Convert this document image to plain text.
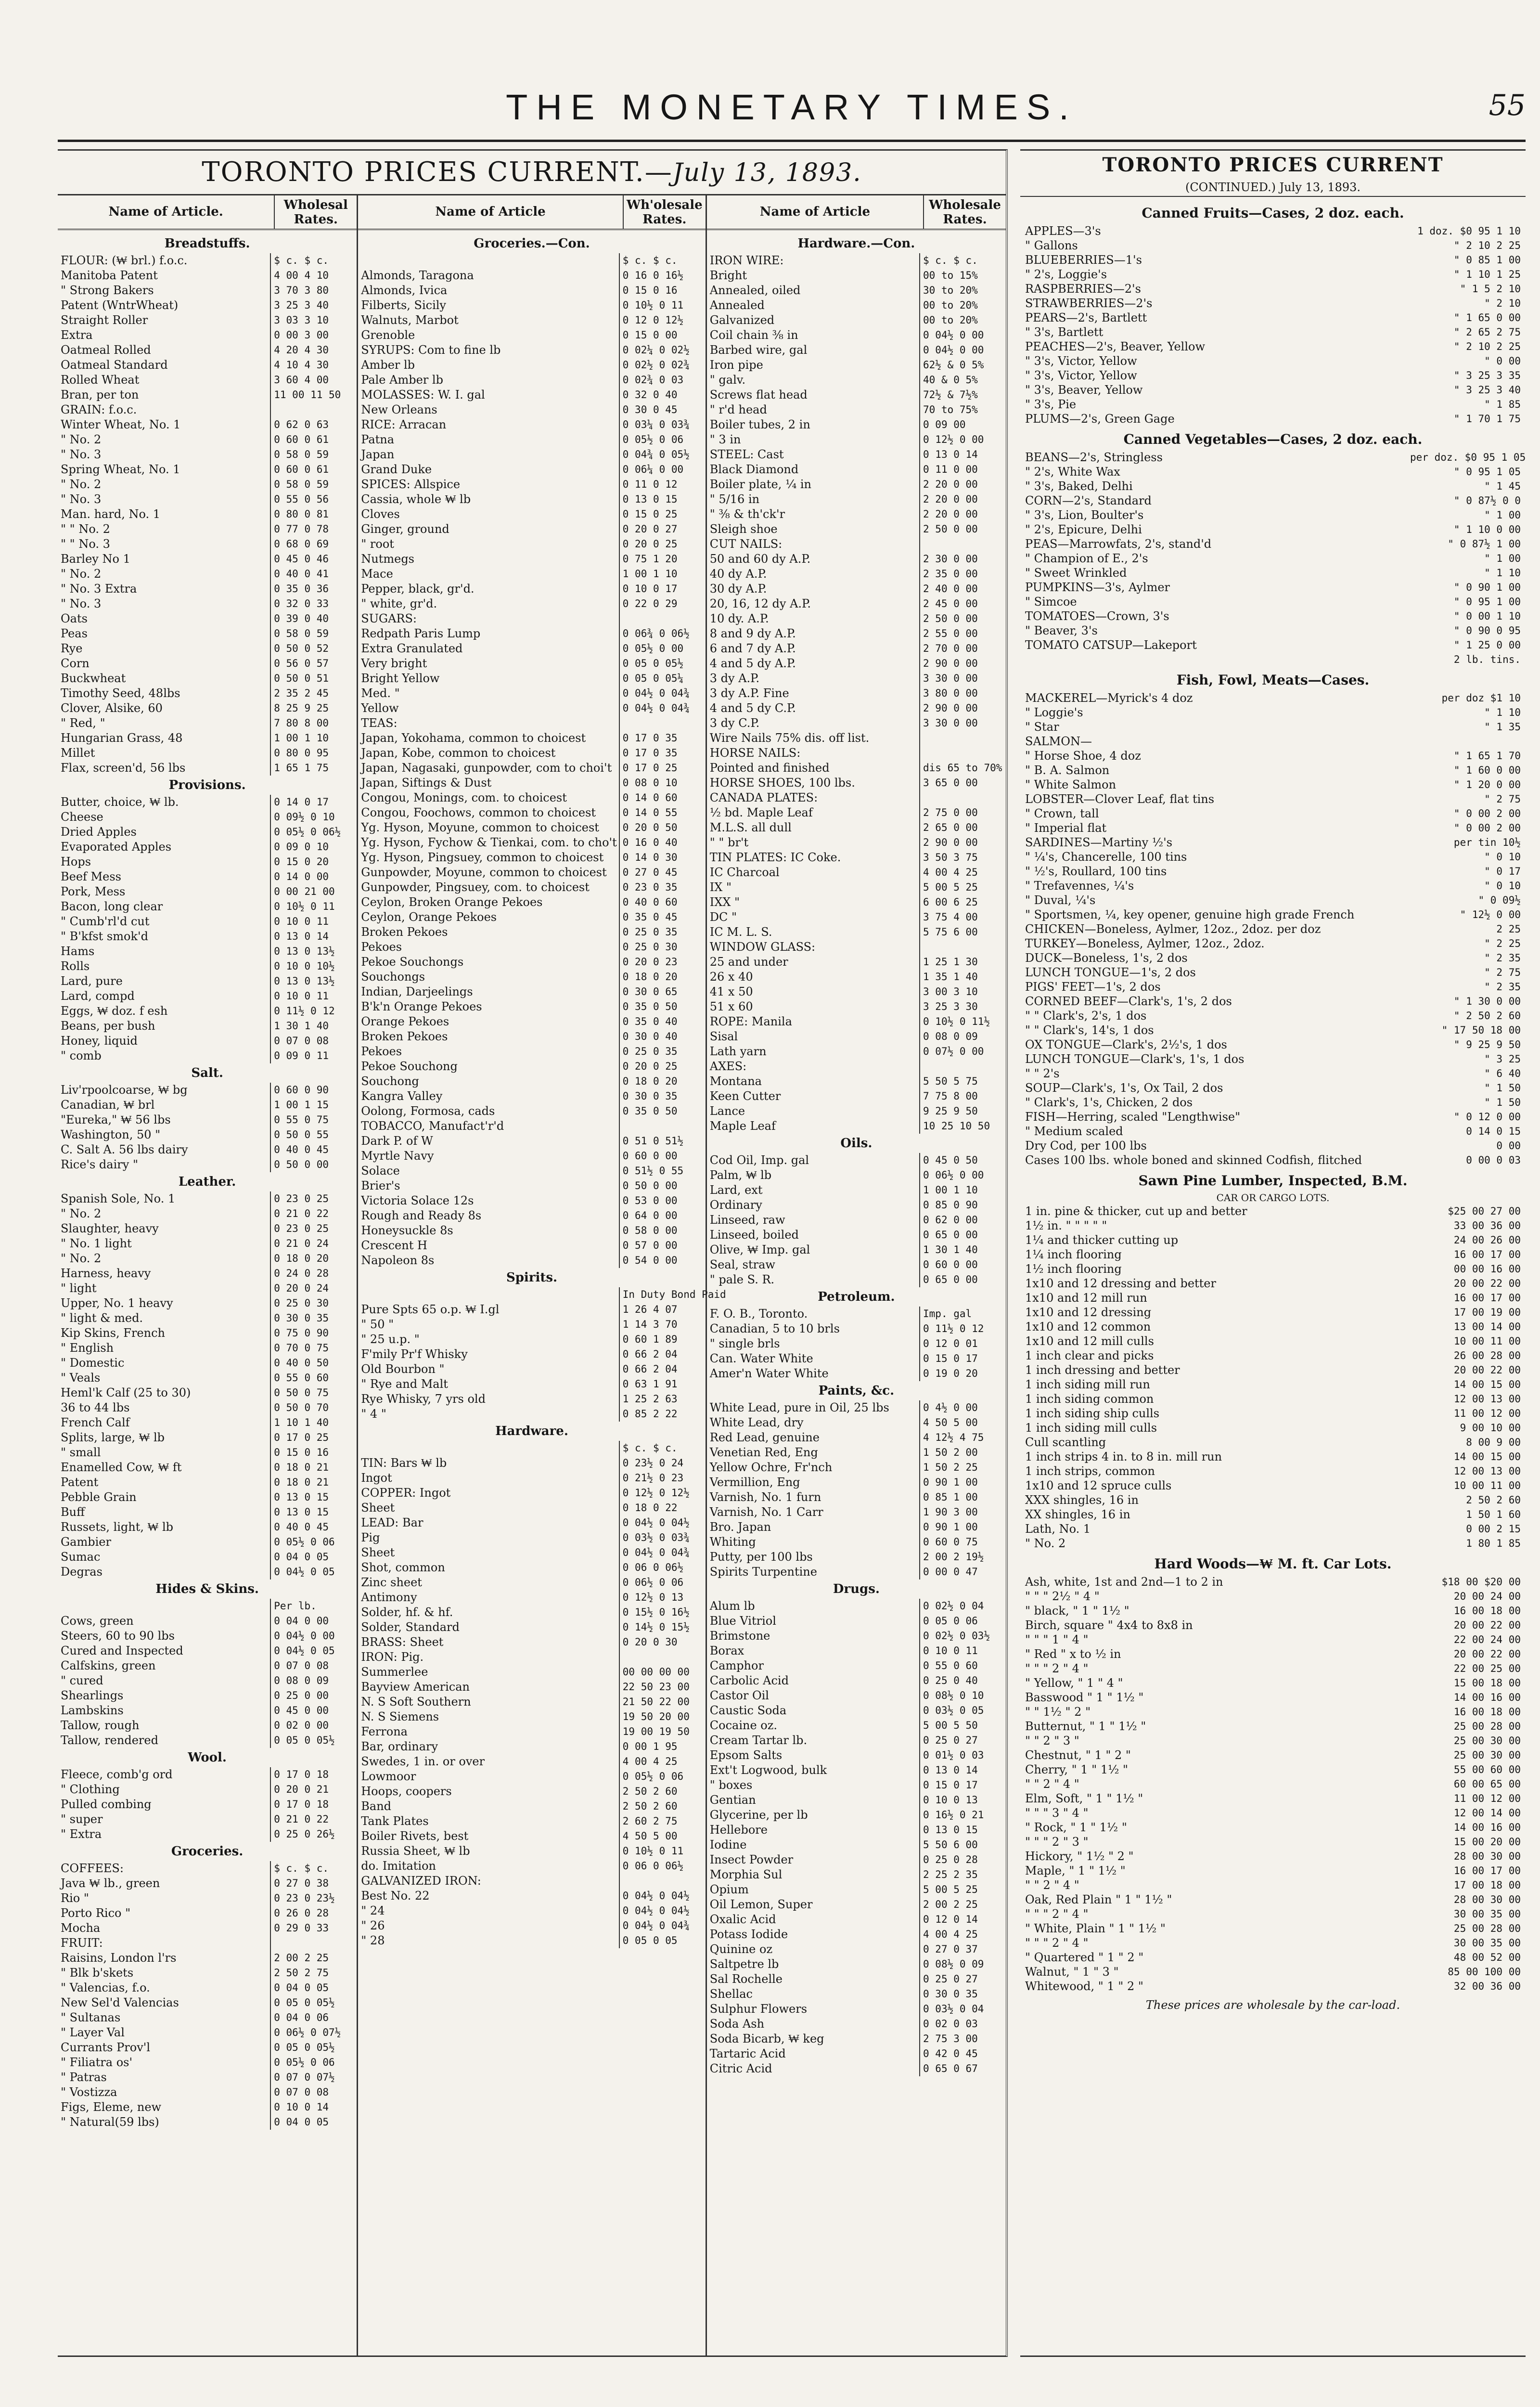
THE MONETARY TIMES.	55
TORONTO PRICES CURRENT.—July 13, 1893.
Name of Article.	Wholesal Rates.
Breadstuffs.
FLOUR: (₩ brl.) f.o.c.	$ c. $ c.
Manitoba Patent	4 00 4 10
" Strong Bakers	3 70 3 80
Patent (WntrWheat)	3 25 3 40
Straight Roller	3 03 3 10
Extra	0 00 3 00
Oatmeal Rolled	4 20 4 30
Oatmeal Standard	4 10 4 30
Rolled Wheat	3 60 4 00
Bran, per ton	11 00 11 50
GRAIN: f.o.c.
Winter Wheat, No. 1	0 62 0 63
" No. 2	0 60 0 61
" No. 3	0 58 0 59
Spring Wheat, No. 1	0 60 0 61
" No. 2	0 58 0 59
" No. 3	0 55 0 56
Man. hard, No. 1	0 80 0 81
" " No. 2	0 77 0 78
" " No. 3	0 68 0 69
Barley No 1	0 45 0 46
" No. 2	0 40 0 41
" No. 3 Extra	0 35 0 36
" No. 3	0 32 0 33
Oats	0 39 0 40
Peas	0 58 0 59
Rye	0 50 0 52
Corn	0 56 0 57
Buckwheat	0 50 0 51
Timothy Seed, 48lbs	2 35 2 45
Clover, Alsike, 60	8 25 9 25
" Red, "	7 80 8 00
Hungarian Grass, 48	1 00 1 10
Millet	0 80 0 95
Flax, screen'd, 56 lbs	1 65 1 75
Provisions.
Butter, choice, ₩ lb.	0 14 0 17
Cheese	0 09½ 0 10
Dried Apples	0 05½ 0 06½
Evaporated Apples	0 09 0 10
Hops	0 15 0 20
Beef Mess	0 14 0 00
Pork, Mess	0 00 21 00
Bacon, long clear	0 10½ 0 11
" Cumb'rl'd cut	0 10 0 11
" B'kfst smok'd	0 13 0 14
Hams	0 13 0 13½
Rolls	0 10 0 10½
Lard, pure	0 13 0 13½
Lard, compd	0 10 0 11
Eggs, ₩ doz. f esh	0 11½ 0 12
Beans, per bush	1 30 1 40
Honey, liquid	0 07 0 08
" comb	0 09 0 11
Salt.
Liv'rpoolcoarse, ₩ bg	0 60 0 90
Canadian, ₩ brl	1 00 1 15
"Eureka," ₩ 56 lbs	0 55 0 75
Washington, 50 "	0 50 0 55
C. Salt A. 56 lbs dairy	0 40 0 45
Rice's dairy "	0 50 0 00
Leather.
Spanish Sole, No. 1	0 23 0 25
" No. 2	0 21 0 22
Slaughter, heavy	0 23 0 25
" No. 1 light	0 21 0 24
" No. 2	0 18 0 20
Harness, heavy	0 24 0 28
" light	0 20 0 24
Upper, No. 1 heavy	0 25 0 30
" light & med.	0 30 0 35
Kip Skins, French	0 75 0 90
" English	0 70 0 75
" Domestic	0 40 0 50
" Veals	0 55 0 60
Heml'k Calf (25 to 30)	0 50 0 75
36 to 44 lbs	0 50 0 70
French Calf	1 10 1 40
Splits, large, ₩ lb	0 17 0 25
" small	0 15 0 16
Enamelled Cow, ₩ ft	0 18 0 21
Patent	0 18 0 21
Pebble Grain	0 13 0 15
Buff	0 13 0 15
Russets, light, ₩ lb	0 40 0 45
Gambier	0 05½ 0 06
Sumac	0 04 0 05
Degras	0 04½ 0 05
Hides & Skins.
Per lb.
Cows, green	0 04 0 00
Steers, 60 to 90 lbs	0 04½ 0 00
Cured and Inspected	0 04½ 0 05
Calfskins, green	0 07 0 08
" cured	0 08 0 09
Shearlings	0 25 0 00
Lambskins	0 45 0 00
Tallow, rough	0 02 0 00
Tallow, rendered	0 05 0 05½
Wool.
Fleece, comb'g ord	0 17 0 18
" Clothing	0 20 0 21
Pulled combing	0 17 0 18
" super	0 21 0 22
" Extra	0 25 0 26½
Groceries.
COFFEES:	$ c. $ c.
Java ₩ lb., green	0 27 0 38
Rio "	0 23 0 23½
Porto Rico "	0 26 0 28
Mocha	0 29 0 33
FRUIT:
Raisins, London l'rs	2 00 2 25
" Blk b'skets	2 50 2 75
" Valencias, f.o.	0 04 0 05
New Sel'd Valencias	0 05 0 05½
" Sultanas	0 04 0 06
" Layer Val	0 06½ 0 07½
Currants Prov'l	0 05 0 05½
" Filiatra os'	0 05½ 0 06
" Patras	0 07 0 07½
" Vostizza	0 07 0 08
Figs, Eleme, new	0 10 0 14
" Natural(59 lbs)	0 04 0 05
Name of Article	Wh'olesale Rates.
Groceries.—Con.
$ c. $ c.
Almonds, Taragona	0 16 0 16½
Almonds, Ivica	0 15 0 16
Filberts, Sicily	0 10½ 0 11
Walnuts, Marbot	0 12 0 12½
Grenoble	0 15 0 00
SYRUPS: Com to fine lb	0 02¼ 0 02½
Amber lb	0 02½ 0 02¾
Pale Amber lb	0 02¾ 0 03
MOLASSES: W. I. gal	0 32 0 40
New Orleans	0 30 0 45
RICE: Arracan	0 03¼ 0 03¾
Patna	0 05½ 0 06
Japan	0 04¾ 0 05½
Grand Duke	0 06¼ 0 00
SPICES: Allspice	0 11 0 12
Cassia, whole ₩ lb	0 13 0 15
Cloves	0 15 0 25
Ginger, ground	0 20 0 27
" root	0 20 0 25
Nutmegs	0 75 1 20
Mace	1 00 1 10
Pepper, black, gr'd.	0 10 0 17
" white, gr'd.	0 22 0 29
SUGARS:
Redpath Paris Lump	0 06¾ 0 06½
Extra Granulated	0 05½ 0 00
Very bright	0 05 0 05½
Bright Yellow	0 05 0 05¼
Med. "	0 04½ 0 04¾
Yellow	0 04½ 0 04¾
TEAS:
Japan, Yokohama, common to choicest	0 17 0 35
Japan, Kobe, common to choicest	0 17 0 35
Japan, Nagasaki, gunpowder, com to choi't	0 17 0 25
Japan, Siftings & Dust	0 08 0 10
Congou, Monings, com. to choicest	0 14 0 60
Congou, Foochows, common to choicest	0 14 0 55
Yg. Hyson, Moyune, common to choicest	0 20 0 50
Yg. Hyson, Fychow & Tienkai, com. to cho't 0 16 0 40
Yg. Hyson, Pingsuey, common to choicest	0 14 0 30
Gunpowder, Moyune, common to choicest	0 27 0 45
Gunpowder, Pingsuey, com. to choicest	0 23 0 35
Ceylon, Broken Orange Pekoes	0 40 0 60
Ceylon, Orange Pekoes	0 35 0 45
Broken Pekoes	0 25 0 35
Pekoes	0 25 0 30
Pekoe Souchongs	0 20 0 23
Souchongs	0 18 0 20
Indian, Darjeelings	0 30 0 65
B'k'n Orange Pekoes	0 35 0 50
Orange Pekoes	0 35 0 40
Broken Pekoes	0 30 0 40
Pekoes	0 25 0 35
Pekoe Souchong	0 20 0 25
Souchong	0 18 0 20
Kangra Valley	0 30 0 35
Oolong, Formosa, cads	0 35 0 50
TOBACCO, Manufact'r'd
Dark P. of W	0 51 0 51½
Myrtle Navy	0 60 0 00
Solace	0 51½ 0 55
Brier's	0 50 0 00
Victoria Solace 12s	0 53 0 00
Rough and Ready 8s	0 64 0 00
Honeysuckle 8s	0 58 0 00
Crescent H	0 57 0 00
Napoleon 8s	0 54 0 00
Spirits.
In Duty Bond Paid
Pure Spts 65 o.p. ₩ I.gl	1 26 4 07
" 50 "	1 14 3 70
" 25 u.p. "	0 60 1 89
F'mily Pr'f Whisky	0 66 2 04
Old Bourbon "	0 66 2 04
" Rye and Malt	0 63 1 91
Rye Whisky, 7 yrs old	1 25 2 63
" 4 "	0 85 2 22
Hardware.
$ c. $ c.
TIN: Bars ₩ lb	0 23½ 0 24
Ingot	0 21½ 0 23
COPPER: Ingot	0 12½ 0 12½
Sheet	0 18 0 22
LEAD: Bar	0 04½ 0 04½
Pig	0 03½ 0 03¾
Sheet	0 04½ 0 04¾
Shot, common	0 06 0 06½
Zinc sheet	0 06½ 0 06
Antimony	0 12½ 0 13
Solder, hf. & hf.	0 15½ 0 16½
Solder, Standard	0 14½ 0 15½
BRASS: Sheet	0 20 0 30
IRON: Pig.
Summerlee	00 00 00 00
Bayview American	22 50 23 00
N. S Soft Southern	21 50 22 00
N. S Siemens	19 50 20 00
Ferrona	19 00 19 50
Bar, ordinary	0 00 1 95
Swedes, 1 in. or over	4 00 4 25
Lowmoor	0 05½ 0 06
Hoops, coopers	2 50 2 60
Band	2 50 2 60
Tank Plates	2 60 2 75
Boiler Rivets, best	4 50 5 00
Russia Sheet, ₩ lb	0 10½ 0 11
do. Imitation	0 06 0 06½
GALVANIZED IRON:
Best No. 22	0 04½ 0 04½
" 24	0 04½ 0 04½
" 26	0 04½ 0 04¾
" 28	0 05 0 05
Name of Article	Wholesale Rates.
Hardware.—Con.
IRON WIRE:	$ c. $ c.
Bright	00 to 15%
Annealed, oiled	30 to 20%
Annealed	00 to 20%
Galvanized	00 to 20%
Coil chain ⅜ in	0 04½ 0 00
Barbed wire, gal	0 04½ 0 00
Iron pipe	62½ & 0 5%
" galv.	40 & 0 5%
Screws flat head	72½ & 7½%
" r'd head	70 to 75%
Boiler tubes, 2 in	0 09 00
" 3 in	0 12½ 0 00
STEEL: Cast	0 13 0 14
Black Diamond	0 11 0 00
Boiler plate, ¼ in	2 20 0 00
" 5/16 in	2 20 0 00
" ⅜ & th'ck'r	2 20 0 00
Sleigh shoe	2 50 0 00
CUT NAILS:
50 and 60 dy A.P.	2 30 0 00
40 dy A.P.	2 35 0 00
30 dy A.P.	2 40 0 00
20, 16, 12 dy A.P.	2 45 0 00
10 dy. A.P.	2 50 0 00
8 and 9 dy A.P.	2 55 0 00
6 and 7 dy A.P.	2 70 0 00
4 and 5 dy A.P.	2 90 0 00
3 dy A.P.	3 30 0 00
3 dy A.P. Fine	3 80 0 00
4 and 5 dy C.P.	2 90 0 00
3 dy C.P.	3 30 0 00
Wire Nails 75% dis. off list.
HORSE NAILS:
Pointed and finished	dis 65 to 70%
HORSE SHOES, 100 lbs.	3 65 0 00
CANADA PLATES:
½ bd. Maple Leaf	2 75 0 00
M.L.S. all dull	2 65 0 00
" " br't	2 90 0 00
TIN PLATES: IC Coke.	3 50 3 75
IC Charcoal	4 00 4 25
IX "	5 00 5 25
IXX "	6 00 6 25
DC "	3 75 4 00
IC M. L. S.	5 75 6 00
WINDOW GLASS:
25 and under	1 25 1 30
26 x 40	1 35 1 40
41 x 50	3 00 3 10
51 x 60	3 25 3 30
ROPE: Manila	0 10½ 0 11½
Sisal	0 08 0 09
Lath yarn	0 07½ 0 00
AXES:
Montana	5 50 5 75
Keen Cutter	7 75 8 00
Lance	9 25 9 50
Maple Leaf	10 25 10 50
Oils.
Cod Oil, Imp. gal	0 45 0 50
Palm, ₩ lb	0 06½ 0 00
Lard, ext	1 00 1 10
Ordinary	0 85 0 90
Linseed, raw	0 62 0 00
Linseed, boiled	0 65 0 00
Olive, ₩ Imp. gal	1 30 1 40
Seal, straw	0 60 0 00
" pale S. R.	0 65 0 00
Petroleum.
F. O. B., Toronto.	Imp. gal
Canadian, 5 to 10 brls	0 11½ 0 12
" single brls	0 12 0 01
Can. Water White	0 15 0 17
Amer'n Water White	0 19 0 20
Paints, &c.
White Lead, pure in Oil, 25 lbs	0 4½ 0 00
White Lead, dry	4 50 5 00
Red Lead, genuine	4 12½ 4 75
Venetian Red, Eng	1 50 2 00
Yellow Ochre, Fr'nch	1 50 2 25
Vermillion, Eng	0 90 1 00
Varnish, No. 1 furn	0 85 1 00
Varnish, No. 1 Carr	1 90 3 00
Bro. Japan	0 90 1 00
Whiting	0 60 0 75
Putty, per 100 lbs	2 00 2 19½
Spirits Turpentine	0 00 0 47
Drugs.
Alum lb	0 02½ 0 04
Blue Vitriol	0 05 0 06
Brimstone	0 02½ 0 03½
Borax	0 10 0 11
Camphor	0 55 0 60
Carbolic Acid	0 25 0 40
Castor Oil	0 08½ 0 10
Caustic Soda	0 03½ 0 05
Cocaine oz.	5 00 5 50
Cream Tartar lb.	0 25 0 27
Epsom Salts	0 01½ 0 03
Ext't Logwood, bulk	0 13 0 14
" boxes	0 15 0 17
Gentian	0 10 0 13
Glycerine, per lb	0 16½ 0 21
Hellebore	0 13 0 15
Iodine	5 50 6 00
Insect Powder	0 25 0 28
Morphia Sul	2 25 2 35
Opium	5 00 5 25
Oil Lemon, Super	2 00 2 25
Oxalic Acid	0 12 0 14
Potass Iodide	4 00 4 25
Quinine oz	0 27 0 37
Saltpetre lb	0 08½ 0 09
Sal Rochelle	0 25 0 27
Shellac	0 30 0 35
Sulphur Flowers	0 03½ 0 04
Soda Ash	0 02 0 03
Soda Bicarb, ₩ keg	2 75 3 00
Tartaric Acid	0 42 0 45
Citric Acid	0 65 0 67
TORONTO PRICES CURRENT
(CONTINUED.) July 13, 1893.
Canned Fruits—Cases, 2 doz. each.
APPLES—3's	1 doz. $0 95 1 10
" Gallons	" 2 10 2 25
BLUEBERRIES—1's	" 0 85 1 00
" 2's, Loggie's	" 1 10 1 25
RASPBERRIES—2's	" 1 5 2 10
STRAWBERRIES—2's	" 2 10
PEARS—2's, Bartlett	" 1 65 0 00
" 3's, Bartlett	" 2 65 2 75
PEACHES—2's, Beaver, Yellow	" 2 10 2 25
" 3's, Victor, Yellow	" 0 00
" 3's, Victor, Yellow	" 3 25 3 35
" 3's, Beaver, Yellow	" 3 25 3 40
" 3's, Pie	" 1 85
PLUMS—2's, Green Gage	" 1 70 1 75
Canned Vegetables—Cases, 2 doz. each.
BEANS—2's, Stringless	per doz. $0 95 1 05
" 2's, White Wax	" 0 95 1 05
" 3's, Baked, Delhi	" 1 45
CORN—2's, Standard	" 0 87½ 0 0
" 3's, Lion, Boulter's	" 1 00
" 2's, Epicure, Delhi	" 1 10 0 00
PEAS—Marrowfats, 2's, stand'd	" 0 87½ 1 00
" Champion of E., 2's	" 1 00
" Sweet Wrinkled	" 1 10
PUMPKINS—3's, Aylmer	" 0 90 1 00
" Simcoe	" 0 95 1 00
TOMATOES—Crown, 3's	" 0 00 1 10
" Beaver, 3's	" 0 90 0 95
TOMATO CATSUP—Lakeport	" 1 25 0 00
2 lb. tins.
Fish, Fowl, Meats—Cases.
MACKEREL—Myrick's 4 doz	per doz $1 10
" Loggie's	" 1 10
" Star	" 1 35
SALMON—
" Horse Shoe, 4 doz	" 1 65 1 70
" B. A. Salmon	" 1 60 0 00
" White Salmon	" 1 20 0 00
LOBSTER—Clover Leaf, flat tins	" 2 75
" Crown, tall	" 0 00 2 00
" Imperial flat	" 0 00 2 00
SARDINES—Martiny ½'s	per tin 10½
" ¼'s, Chancerelle, 100 tins	" 0 10
" ½'s, Roullard, 100 tins	" 0 17
" Trefavennes, ¼'s	" 0 10
" Duval, ¼'s	" 0 09½
" Sportsmen, ¼, key opener, genuine high grade French	" 12½ 0 00
CHICKEN—Boneless, Aylmer, 12oz., 2doz. per doz	2 25
TURKEY—Boneless, Aylmer, 12oz., 2doz.	" 2 25
DUCK—Boneless, 1's, 2 dos	" 2 35
LUNCH TONGUE—1's, 2 dos	" 2 75
PIGS' FEET—1's, 2 dos	" 2 35
CORNED BEEF—Clark's, 1's, 2 dos	" 1 30 0 00
" " Clark's, 2's, 1 dos	" 2 50 2 60
" " Clark's, 14's, 1 dos	" 17 50 18 00
OX TONGUE—Clark's, 2½'s, 1 dos	" 9 25 9 50
LUNCH TONGUE—Clark's, 1's, 1 dos	" 3 25
" " 2's	" 6 40
SOUP—Clark's, 1's, Ox Tail, 2 dos	" 1 50
" Clark's, 1's, Chicken, 2 dos	" 1 50
FISH—Herring, scaled "Lengthwise"	" 0 12 0 00
" Medium scaled	0 14 0 15
Dry Cod, per 100 lbs	0 00
Cases 100 lbs. whole boned and skinned Codfish, flitched	0 00 0 03
Sawn Pine Lumber, Inspected, B.M.
CAR OR CARGO LOTS.
1 in. pine & thicker, cut up and better	$25 00 27 00
1½ in. " " " " "	33 00 36 00
1¼ and thicker cutting up	24 00 26 00
1¼ inch flooring	16 00 17 00
1½ inch flooring	00 00 16 00
1x10 and 12 dressing and better	20 00 22 00
1x10 and 12 mill run	16 00 17 00
1x10 and 12 dressing	17 00 19 00
1x10 and 12 common	13 00 14 00
1x10 and 12 mill culls	10 00 11 00
1 inch clear and picks	26 00 28 00
1 inch dressing and better	20 00 22 00
1 inch siding mill run	14 00 15 00
1 inch siding common	12 00 13 00
1 inch siding ship culls	11 00 12 00
1 inch siding mill culls	9 00 10 00
Cull scantling	8 00 9 00
1 inch strips 4 in. to 8 in. mill run	14 00 15 00
1 inch strips, common	12 00 13 00
1x10 and 12 spruce culls	10 00 11 00
XXX shingles, 16 in	2 50 2 60
XX shingles, 16 in	1 50 1 60
Lath, No. 1	0 00 2 15
" No. 2	1 80 1 85
Hard Woods—₩ M. ft. Car Lots.
Ash, white, 1st and 2nd—1 to 2 in	$18 00 $20 00
" " " 2½ " 4 "	20 00 24 00
" black, " 1 " 1½ "	16 00 18 00
Birch, square " 4x4 to 8x8 in	20 00 22 00
" " " 1 " 4 "	22 00 24 00
" Red " x to ½ in	20 00 22 00
" " " 2 " 4 "	22 00 25 00
" Yellow, " 1 " 4 "	15 00 18 00
Basswood " 1 " 1½ "	14 00 16 00
" " 1½ " 2 "	16 00 18 00
Butternut, " 1 " 1½ "	25 00 28 00
" " 2 " 3 "	25 00 30 00
Chestnut, " 1 " 2 "	25 00 30 00
Cherry, " 1 " 1½ "	55 00 60 00
" " 2 " 4 "	60 00 65 00
Elm, Soft, " 1 " 1½ "	11 00 12 00
" " " 3 " 4 "	12 00 14 00
" Rock, " 1 " 1½ "	14 00 16 00
" " " 2 " 3 "	15 00 20 00
Hickory, " 1½ " 2 "	28 00 30 00
Maple, " 1 " 1½ "	16 00 17 00
" " 2 " 4 "	17 00 18 00
Oak, Red Plain " 1 " 1½ "	28 00 30 00
" " " 2 " 4 "	30 00 35 00
" White, Plain " 1 " 1½ "	25 00 28 00
" " " 2 " 4 "	30 00 35 00
" Quartered " 1 " 2 "	48 00 52 00
Walnut, " 1 " 3 "	85 00 100 00
Whitewood, " 1 " 2 "	32 00 36 00
These prices are wholesale by the car-load.
